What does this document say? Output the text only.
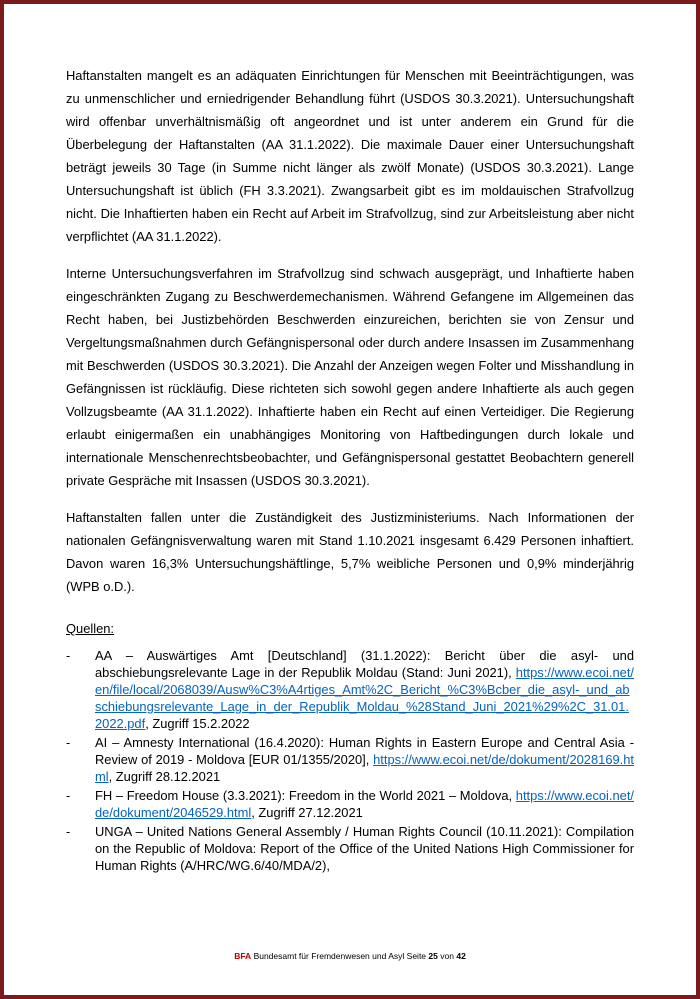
Haftanstalten mangelt es an adäquaten Einrichtungen für Menschen mit Beeinträchtigungen, was zu unmenschlicher und erniedrigender Behandlung führt (USDOS 30.3.2021). Untersuchungshaft wird offenbar unverhältnismäßig oft angeordnet und ist unter anderem ein Grund für die Überbelegung der Haftanstalten (AA 31.1.2022). Die maximale Dauer einer Untersuchungshaft beträgt jeweils 30 Tage (in Summe nicht länger als zwölf Monate) (USDOS 30.3.2021). Lange Untersuchungshaft ist üblich (FH 3.3.2021). Zwangsarbeit gibt es im moldauischen Strafvollzug nicht. Die Inhaftierten haben ein Recht auf Arbeit im Strafvollzug, sind zur Arbeitsleistung aber nicht verpflichtet (AA 31.1.2022).

Interne Untersuchungsverfahren im Strafvollzug sind schwach ausgeprägt, und Inhaftierte haben eingeschränkten Zugang zu Beschwerdemechanismen. Während Gefangene im Allgemeinen das Recht haben, bei Justizbehörden Beschwerden einzureichen, berichten sie von Zensur und Vergeltungsmaßnahmen durch Gefängnispersonal oder durch andere Insassen im Zusammenhang mit Beschwerden (USDOS 30.3.2021). Die Anzahl der Anzeigen wegen Folter und Misshandlung in Gefängnissen ist rückläufig. Diese richteten sich sowohl gegen andere Inhaftierte als auch gegen Vollzugsbeamte (AA 31.1.2022). Inhaftierte haben ein Recht auf einen Verteidiger. Die Regierung erlaubt einigermaßen ein unabhängiges Monitoring von Haftbedingungen durch lokale und internationale Menschenrechtsbeobachter, und Gefängnispersonal gestattet Beobachtern generell private Gespräche mit Insassen (USDOS 30.3.2021).

Haftanstalten fallen unter die Zuständigkeit des Justizministeriums. Nach Informationen der nationalen Gefängnisverwaltung waren mit Stand 1.10.2021 insgesamt 6.429 Personen inhaftiert. Davon waren 16,3% Untersuchungshäftlinge, 5,7% weibliche Personen und 0,9% minderjährig (WPB o.D.).

Quellen:

-	AA – Auswärtiges Amt [Deutschland] (31.1.2022): Bericht über die asyl- und abschiebungsrelevante Lage in der Republik Moldau (Stand: Juni 2021), https://www.ecoi.net/en/file/local/2068039/Ausw%C3%A4rtiges_Amt%2C_Bericht_%C3%Bcber_die_asyl-_und_abschiebungsrelevante_Lage_in_der_Republik_Moldau_%28Stand_Juni_2021%29%2C_31.01.2022.pdf, Zugriff 15.2.2022
-	AI – Amnesty International (16.4.2020): Human Rights in Eastern Europe and Central Asia - Review of 2019 - Moldova [EUR 01/1355/2020], https://www.ecoi.net/de/dokument/2028169.html, Zugriff 28.12.2021
-	FH – Freedom House (3.3.2021): Freedom in the World 2021 – Moldova, https://www.ecoi.net/de/dokument/2046529.html, Zugriff 27.12.2021
-	UNGA – United Nations General Assembly / Human Rights Council (10.11.2021): Compilation on the Republic of Moldova: Report of the Office of the United Nations High Commissioner for Human Rights (A/HRC/WG.6/40/MDA/2),
BFA Bundesamt für Fremdenwesen und Asyl Seite 25 von 42
